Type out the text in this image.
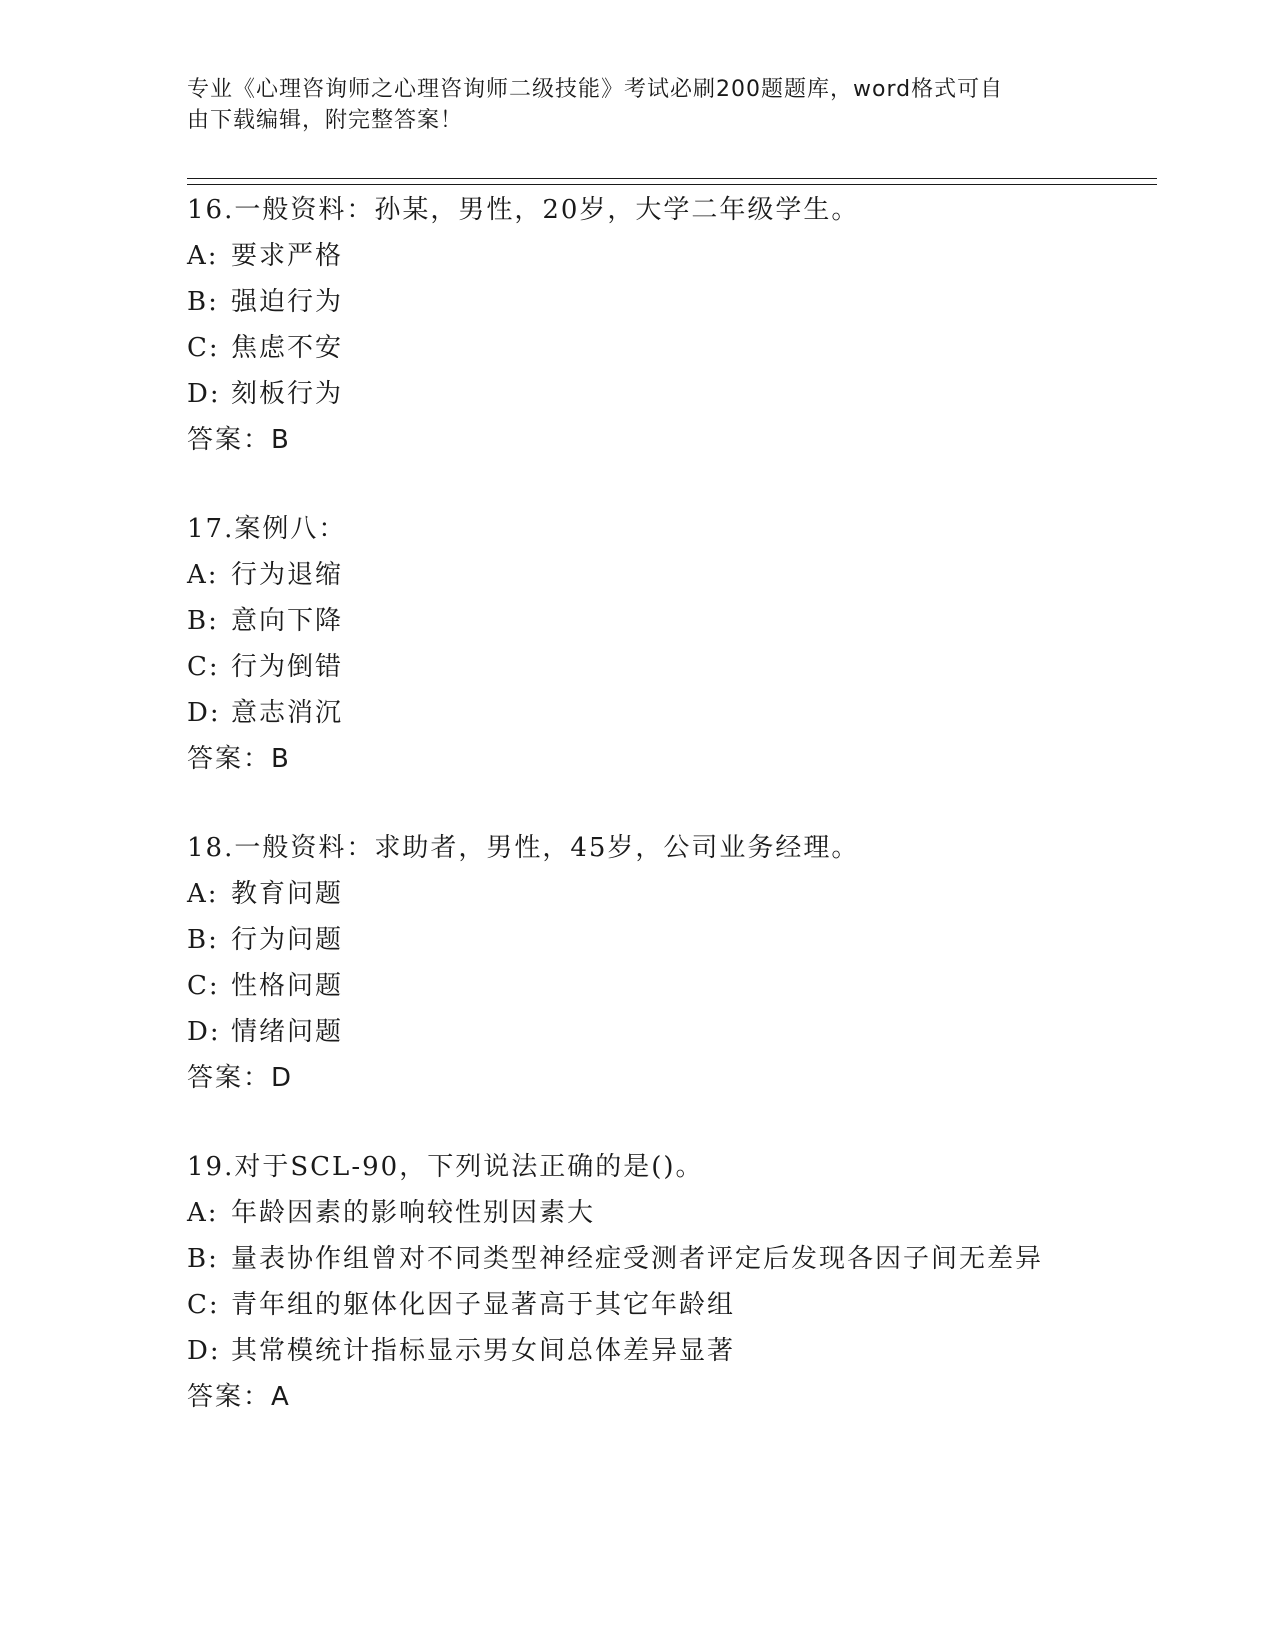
专业《心理咨询师之心理咨询师二级技能》考试必刷200题题库，word格式可自
由下载编辑，附完整答案！
16.一般资料：孙某，男性，20岁，大学二年级学生。
A: 要求严格
B: 强迫行为
C: 焦虑不安
D: 刻板行为
答案：B
17.案例八：
A: 行为退缩
B: 意向下降
C: 行为倒错
D: 意志消沉
答案：B
18.一般资料：求助者，男性，45岁，公司业务经理。
A: 教育问题
B: 行为问题
C: 性格问题
D: 情绪问题
答案：D
19.对于SCL-90，下列说法正确的是()。
A: 年龄因素的影响较性别因素大
B: 量表协作组曾对不同类型神经症受测者评定后发现各因子间无差异
C: 青年组的躯体化因子显著高于其它年龄组
D: 其常模统计指标显示男女间总体差异显著
答案：A
